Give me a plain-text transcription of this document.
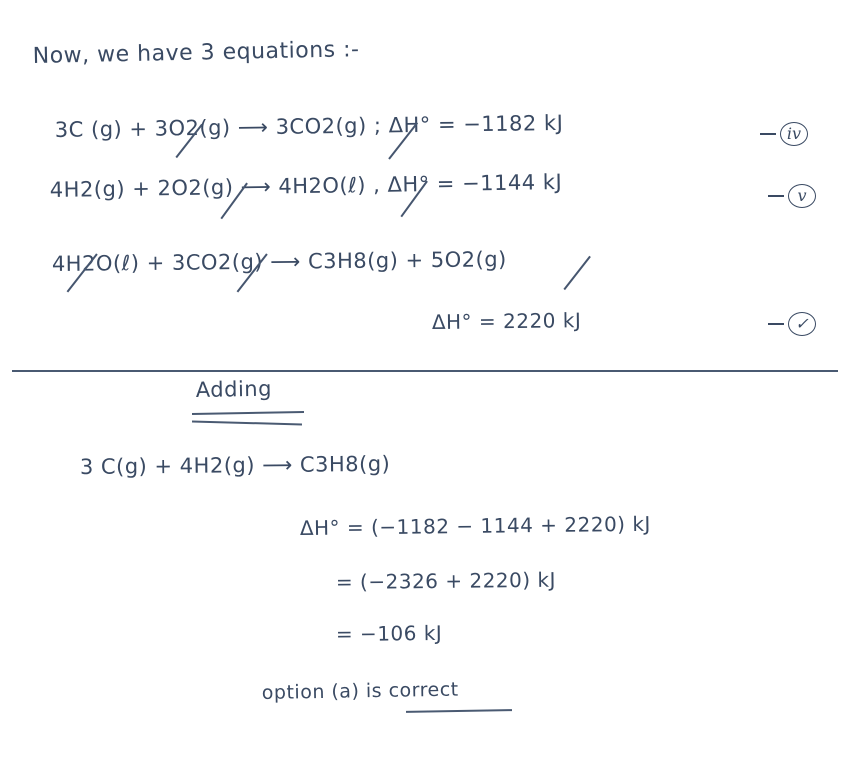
Now, we have 3 equations :-
3C (g) + 3O2(g) ⟶ 3CO2(g) ; ΔH° = −1182 kJ	iv
4H2(g) + 2O2(g) ⟶ 4H2O(ℓ) , ΔH° = −1144 kJ	v
4H2O(ℓ) + 3CO2(g) ⟶ C3H8(g) + 5O2(g)
ΔH° = 2220 kJ	✓
Adding
3 C(g) + 4H2(g) ⟶ C3H8(g)
ΔH° = (−1182 − 1144 + 2220) kJ
= (−2326 + 2220) kJ
= −106 kJ
option (a) is correct
